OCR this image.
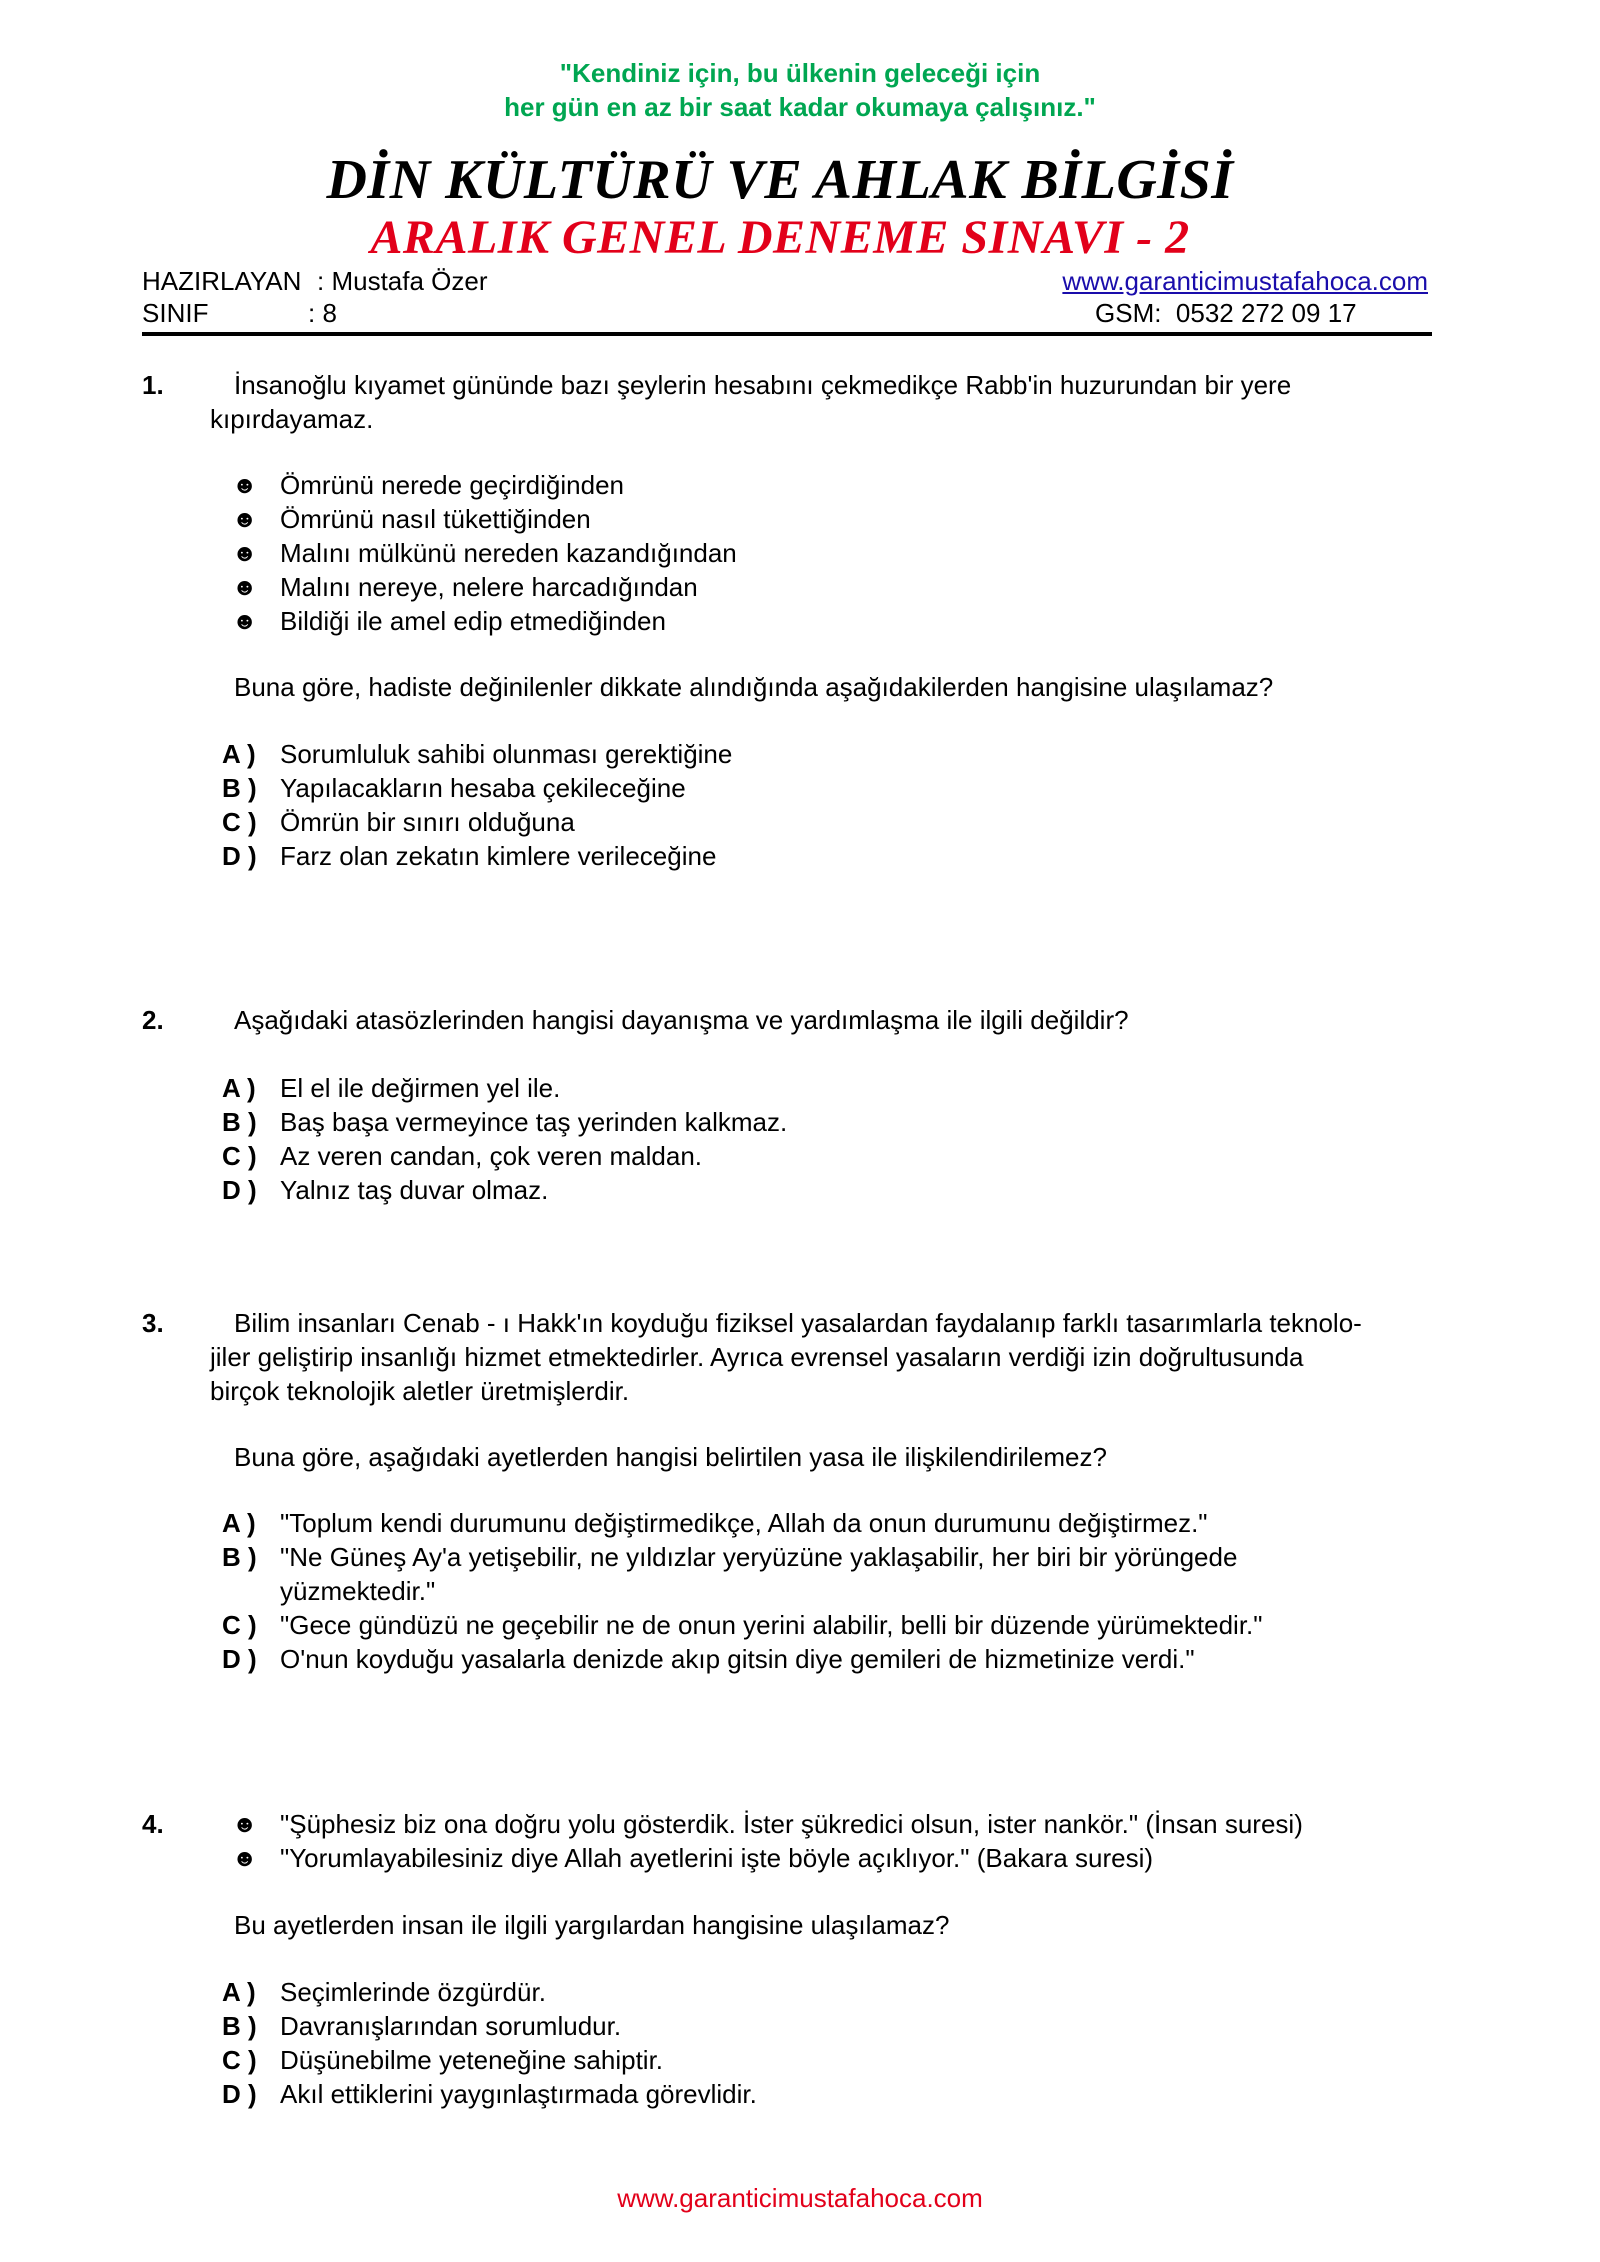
"Kendiniz için, bu ülkenin geleceği için
her gün en az bir saat kadar okumaya çalışınız."
DİN KÜLTÜRÜ VE AHLAK BİLGİSİ
ARALIK GENEL DENEME SINAVI - 2
HAZIRLAYAN : Mustafa Özer	www.garanticimustafahoca.com
SINIF	: 8	GSM:  0532 272 09 17
1.	İnsanoğlu kıyamet gününde bazı şeylerin hesabını çekmedikçe Rabb'in huzurundan bir yere
kıpırdayamaz.
☻ Ömrünü nerede geçirdiğinden
☻ Ömrünü nasıl tükettiğinden
☻ Malını mülkünü nereden kazandığından
☻ Malını nereye, nelere harcadığından
☻ Bildiği ile amel edip etmediğinden
Buna göre, hadiste değinilenler dikkate alındığında aşağıdakilerden hangisine ulaşılamaz?
A ) Sorumluluk sahibi olunması gerektiğine
B ) Yapılacakların hesaba çekileceğine
C ) Ömrün bir sınırı olduğuna
D ) Farz olan zekatın kimlere verileceğine
2.	Aşağıdaki atasözlerinden hangisi dayanışma ve yardımlaşma ile ilgili değildir?
A ) El el ile değirmen yel ile.
B ) Baş başa vermeyince taş yerinden kalkmaz.
C ) Az veren candan, çok veren maldan.
D ) Yalnız taş duvar olmaz.
3.	Bilim insanları Cenab - ı Hakk'ın koyduğu fiziksel yasalardan faydalanıp farklı tasarımlarla teknolo-
jiler geliştirip insanlığı hizmet etmektedirler. Ayrıca evrensel yasaların verdiği izin doğrultusunda
birçok teknolojik aletler üretmişlerdir.
Buna göre, aşağıdaki ayetlerden hangisi belirtilen yasa ile ilişkilendirilemez?
A ) "Toplum kendi durumunu değiştirmedikçe, Allah da onun durumunu değiştirmez."
B ) "Ne Güneş Ay'a yetişebilir, ne yıldızlar yeryüzüne yaklaşabilir, her biri bir yörüngede
yüzmektedir."
C ) "Gece gündüzü ne geçebilir ne de onun yerini alabilir, belli bir düzende yürümektedir."
D ) O'nun koyduğu yasalarla denizde akıp gitsin diye gemileri de hizmetinize verdi."
4.	☻ "Şüphesiz biz ona doğru yolu gösterdik. İster şükredici olsun, ister nankör." (İnsan suresi)
☻ "Yorumlayabilesiniz diye Allah ayetlerini işte böyle açıklıyor." (Bakara suresi)
Bu ayetlerden insan ile ilgili yargılardan hangisine ulaşılamaz?
A ) Seçimlerinde özgürdür.
B ) Davranışlarından sorumludur.
C ) Düşünebilme yeteneğine sahiptir.
D ) Akıl ettiklerini yaygınlaştırmada görevlidir.
www.garanticimustafahoca.com
